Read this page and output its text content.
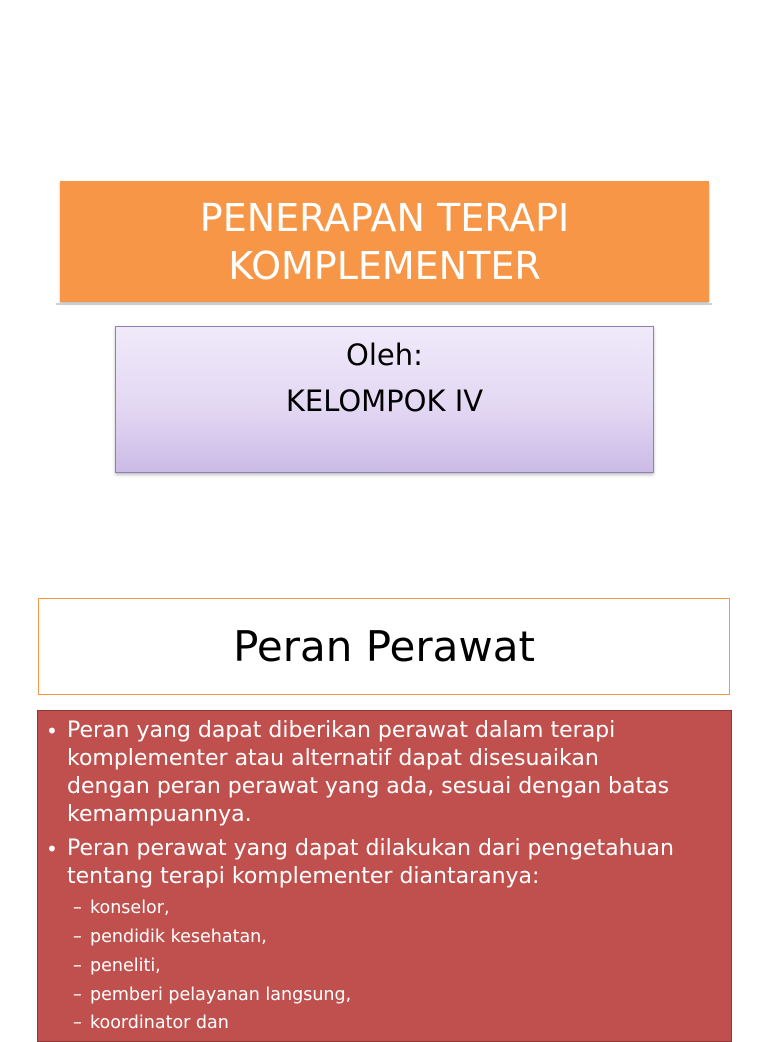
PENERAPAN TERAPI
KOMPLEMENTER
Oleh:
KELOMPOK IV
Peran Perawat
• Peran yang dapat diberikan perawat dalam terapi
komplementer atau alternatif dapat disesuaikan
dengan peran perawat yang ada, sesuai dengan batas
kemampuannya.
• Peran perawat yang dapat dilakukan dari pengetahuan
tentang terapi komplementer diantaranya:
– konselor,
– pendidik kesehatan,
– peneliti,
– pemberi pelayanan langsung,
– koordinator dan
